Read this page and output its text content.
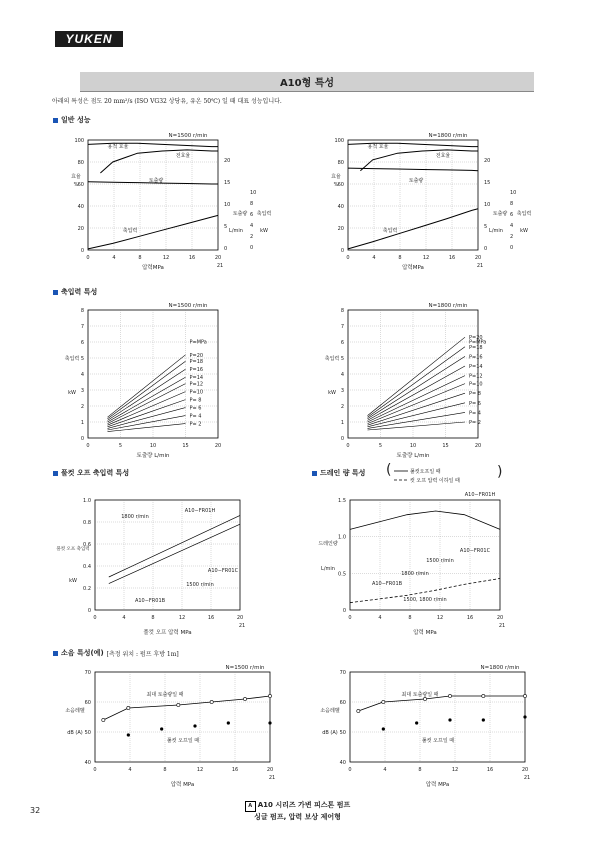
YUKEN
A10형 특성
아래의 특성은 점도 20 mm²/s (ISO VG32 상당유, 유온 50℃) 일 때 대표 성능입니다.
일반 성능
축입력 특성
풀컷 오프 축입력 특성	드레인 량 특성
소음 특성(예) [측정 위치 : 펌프 후방 1m]
N=1500 r/min
100
80
60
40
20
0
0	4	8	12	16	20
21
20
15
10
5
0
10
8
6
4
2
0
압력MPa
효율
%
토출량
L/min
축입력
kW
용적 효율
전효율
토출량
축입력
N=1800 r/min
100
80
60
40
20
0
0	4	8	12	16	20
21
20
15
10
5
0
10
8
6
4
2
0
압력MPa
효율
%
토출량
L/min
축입력
kW
용적 효율
전효율
토출량
축입력
N=1500 r/min
8
7
6
5
4
3
2
1
0
0	5	10	15	20
토출량 L/min
축입력
kW
P=20
P=18
P=16
P=14
P=12
P=10
P= 8
P= 6
P= 4
P= 2
P=MPa
N=1800 r/min
8
7
6
5
4
3
2
1
0
0	5	10	15	20
토출량 L/min
축입력
kW
P=20
P=18
P=16
P=14
P=12
P=10
P= 8
P= 6
P= 4
P= 2
P=MPa
1.0
0.8
0.6
0.4
0.2
0
0	4	8	12	16	20
21
풀컷 오프 압력 MPa
풀컷 오프 축입력
kW
1800 r/min
A10−FR01H
A10−FR01C
1500 r/min
A10−FR01B
1.5
1.0
0.5
0
0	4	8	12	16	20
21
압력 MPa
드레인량
L/min
A10−FR01H
A10−FR01C
1500 r/min
1800 r/min
A10−FR01B
1500, 1800 r/min
(	풀컷오프일 때
컷 오프 압력 이하일 때
)
N=1500 r/min
70
60
50
40
0	4	8	12	16	20
21
압력 MPa
소음레벨
dB (A)
최대 토출량일 때
풀컷 오프일 때
N=1800 r/min
70
60
50
40
0	4	8	12	16	20
21
압력 MPa
소음레벨
dB (A)
최대 토출량일 때
풀컷 오프일 때
32	A A10 시리즈 가변 피스톤 펌프
싱글 펌프, 압력 보상 제어형
